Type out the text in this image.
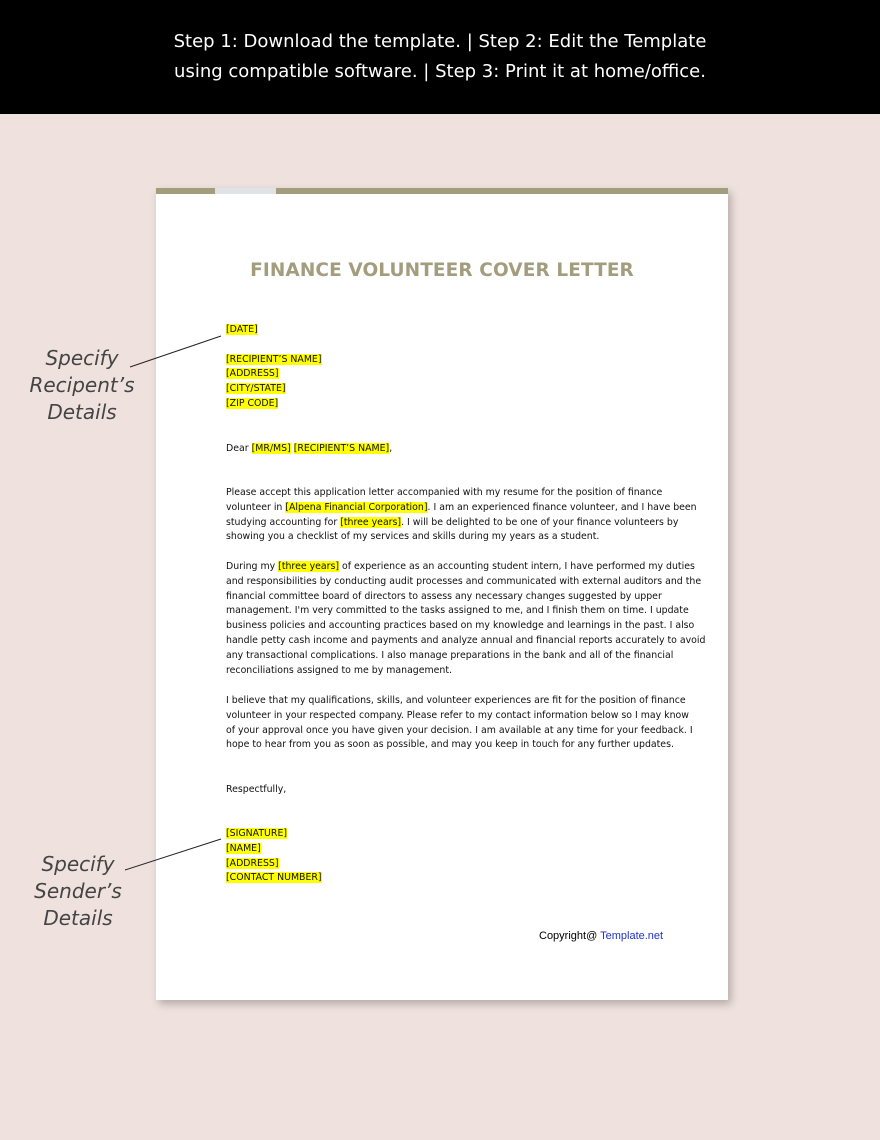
Step 1: Download the template. | Step 2: Edit the Template
using compatible software. | Step 3: Print it at home/office.
FINANCE VOLUNTEER COVER LETTER
[DATE]

[RECIPIENT’S NAME]
[ADDRESS]
[CITY/STATE]
[ZIP CODE]
Dear [MR/MS] [RECIPIENT’S NAME],
Please accept this application letter accompanied with my resume for the position of finance
volunteer in [Alpena Financial Corporation]. I am an experienced finance volunteer, and I have been
studying accounting for [three years]. I will be delighted to be one of your finance volunteers by
showing you a checklist of my services and skills during my years as a student.
During my [three years] of experience as an accounting student intern, I have performed my duties
and responsibilities by conducting audit processes and communicated with external auditors and the
financial committee board of directors to assess any necessary changes suggested by upper
management. I'm very committed to the tasks assigned to me, and I finish them on time. I update
business policies and accounting practices based on my knowledge and learnings in the past. I also
handle petty cash income and payments and analyze annual and financial reports accurately to avoid
any transactional complications. I also manage preparations in the bank and all of the financial
reconciliations assigned to me by management.
I believe that my qualifications, skills, and volunteer experiences are fit for the position of finance
volunteer in your respected company. Please refer to my contact information below so I may know
of your approval once you have given your decision. I am available at any time for your feedback. I
hope to hear from you as soon as possible, and may you keep in touch for any further updates.
Respectfully,
[SIGNATURE]
[NAME]
[ADDRESS]
[CONTACT NUMBER]
Copyright@ Template.net
Specify
Recipent’s
Details
Specify
Sender’s
Details
